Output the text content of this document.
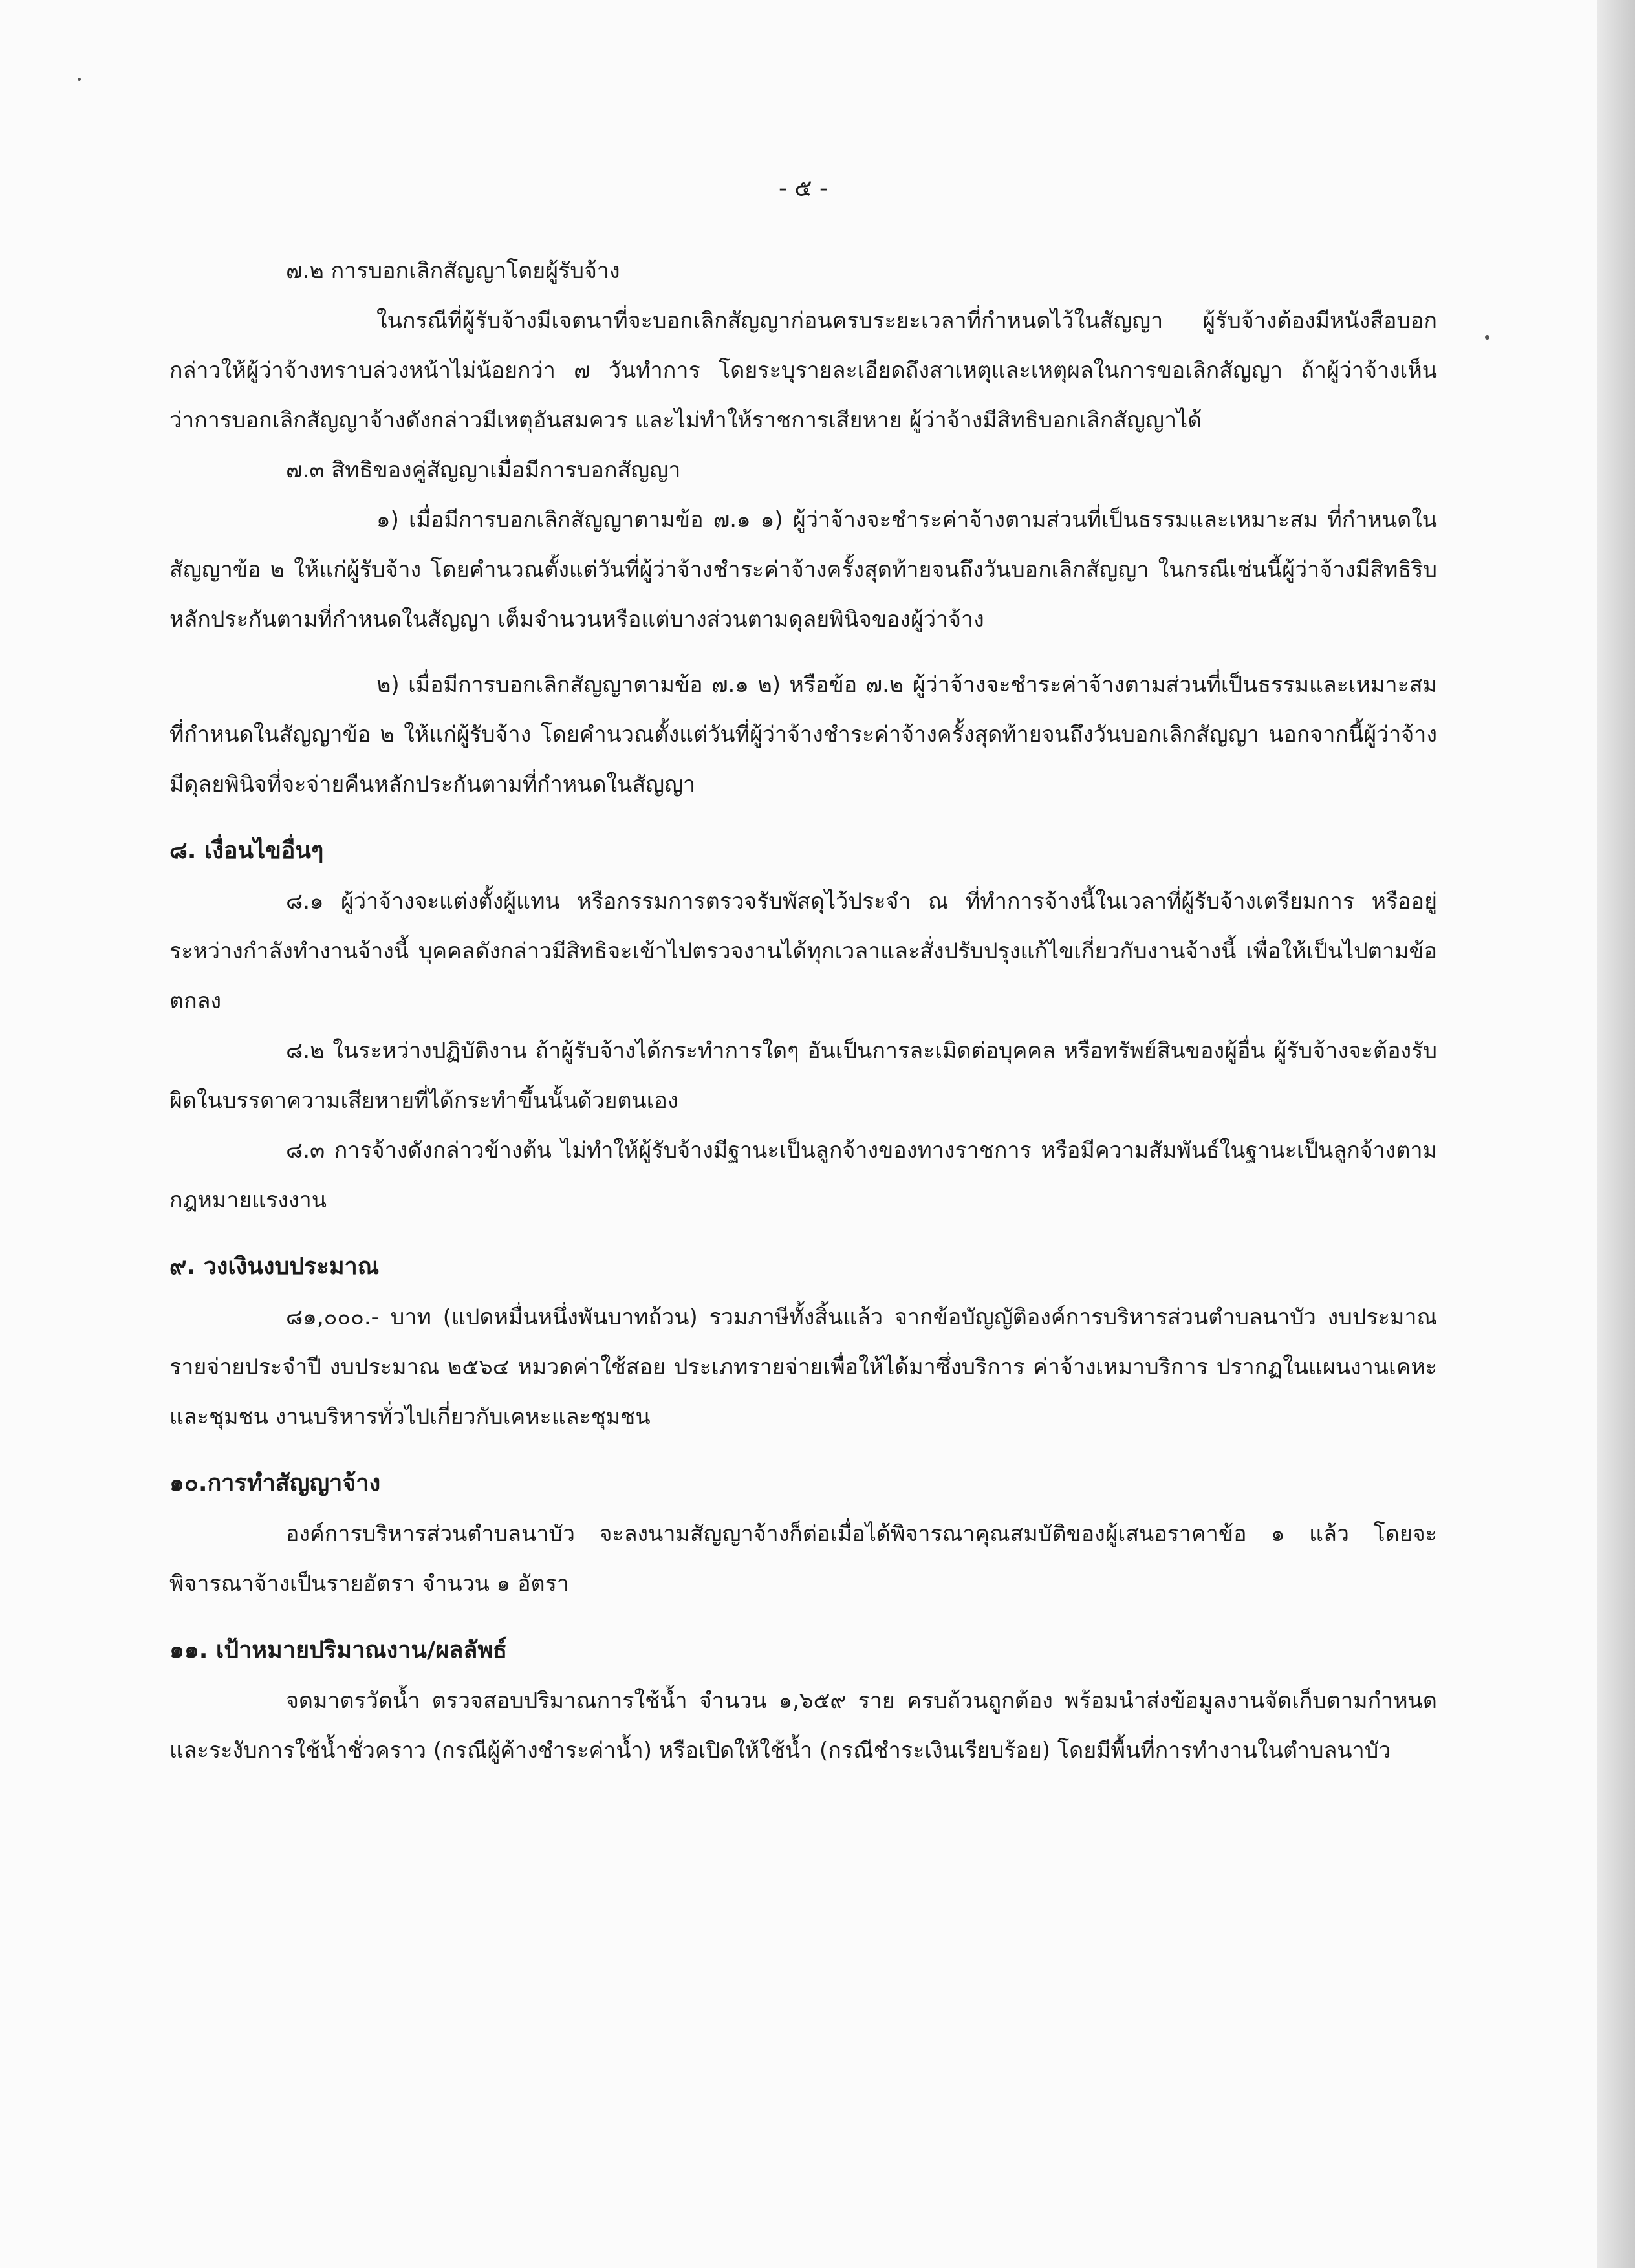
- ๕ -

๗.๒ การบอกเลิกสัญญาโดยผู้รับจ้าง

ในกรณีที่ผู้รับจ้างมีเจตนาที่จะบอกเลิกสัญญาก่อนครบระยะเวลาที่กำหนดไว้ในสัญญา ผู้รับจ้างต้องมีหนังสือบอกกล่าวให้ผู้ว่าจ้างทราบล่วงหน้าไม่น้อยกว่า ๗ วันทำการ โดยระบุรายละเอียดถึงสาเหตุและเหตุผลในการขอเลิกสัญญา ถ้าผู้ว่าจ้างเห็นว่าการบอกเลิกสัญญาจ้างดังกล่าวมีเหตุอันสมควร และไม่ทำให้ราชการเสียหาย ผู้ว่าจ้างมีสิทธิบอกเลิกสัญญาได้

๗.๓ สิทธิของคู่สัญญาเมื่อมีการบอกสัญญา

๑) เมื่อมีการบอกเลิกสัญญาตามข้อ ๗.๑ ๑) ผู้ว่าจ้างจะชำระค่าจ้างตามส่วนที่เป็นธรรมและเหมาะสม ที่กำหนดในสัญญาข้อ ๒ ให้แก่ผู้รับจ้าง โดยคำนวณตั้งแต่วันที่ผู้ว่าจ้างชำระค่าจ้างครั้งสุดท้ายจนถึงวันบอกเลิกสัญญา ในกรณีเช่นนี้ผู้ว่าจ้างมีสิทธิริบหลักประกันตามที่กำหนดในสัญญา เต็มจำนวนหรือแต่บางส่วนตามดุลยพินิจของผู้ว่าจ้าง

๒) เมื่อมีการบอกเลิกสัญญาตามข้อ ๗.๑ ๒) หรือข้อ ๗.๒ ผู้ว่าจ้างจะชำระค่าจ้างตามส่วนที่เป็นธรรมและเหมาะสม ที่กำหนดในสัญญาข้อ ๒ ให้แก่ผู้รับจ้าง โดยคำนวณตั้งแต่วันที่ผู้ว่าจ้างชำระค่าจ้างครั้งสุดท้ายจนถึงวันบอกเลิกสัญญา นอกจากนี้ผู้ว่าจ้างมีดุลยพินิจที่จะจ่ายคืนหลักประกันตามที่กำหนดในสัญญา

๘. เงื่อนไขอื่นๆ

๘.๑ ผู้ว่าจ้างจะแต่งตั้งผู้แทน หรือกรรมการตรวจรับพัสดุไว้ประจำ ณ ที่ทำการจ้างนี้ในเวลาที่ผู้รับจ้างเตรียมการ หรืออยู่ระหว่างกำลังทำงานจ้างนี้ บุคคลดังกล่าวมีสิทธิจะเข้าไปตรวจงานได้ทุกเวลาและสั่งปรับปรุงแก้ไขเกี่ยวกับงานจ้างนี้ เพื่อให้เป็นไปตามข้อตกลง

๘.๒ ในระหว่างปฏิบัติงาน ถ้าผู้รับจ้างได้กระทำการใดๆ อันเป็นการละเมิดต่อบุคคล หรือทรัพย์สินของผู้อื่น ผู้รับจ้างจะต้องรับผิดในบรรดาความเสียหายที่ได้กระทำขึ้นนั้นด้วยตนเอง

๘.๓ การจ้างดังกล่าวข้างต้น ไม่ทำให้ผู้รับจ้างมีฐานะเป็นลูกจ้างของทางราชการ หรือมีความสัมพันธ์ในฐานะเป็นลูกจ้างตามกฎหมายแรงงาน

๙. วงเงินงบประมาณ

๘๑,๐๐๐.- บาท (แปดหมื่นหนึ่งพันบาทถ้วน) รวมภาษีทั้งสิ้นแล้ว จากข้อบัญญัติองค์การบริหารส่วนตำบลนาบัว งบประมาณรายจ่ายประจำปี งบประมาณ ๒๕๖๔ หมวดค่าใช้สอย ประเภทรายจ่ายเพื่อให้ได้มาซึ่งบริการ ค่าจ้างเหมาบริการ ปรากฏในแผนงานเคหะและชุมชน งานบริหารทั่วไปเกี่ยวกับเคหะและชุมชน

๑๐.การทำสัญญาจ้าง

องค์การบริหารส่วนตำบลนาบัว จะลงนามสัญญาจ้างก็ต่อเมื่อได้พิจารณาคุณสมบัติของผู้เสนอราคาข้อ ๑ แล้ว โดยจะพิจารณาจ้างเป็นรายอัตรา จำนวน ๑ อัตรา

๑๑. เป้าหมายปริมาณงาน/ผลลัพธ์

จดมาตรวัดน้ำ ตรวจสอบปริมาณการใช้น้ำ จำนวน ๑,๖๕๙ ราย ครบถ้วนถูกต้อง พร้อมนำส่งข้อมูลงานจัดเก็บตามกำหนด และระงับการใช้น้ำชั่วคราว (กรณีผู้ค้างชำระค่าน้ำ) หรือเปิดให้ใช้น้ำ (กรณีชำระเงินเรียบร้อย) โดยมีพื้นที่การทำงานในตำบลนาบัว
